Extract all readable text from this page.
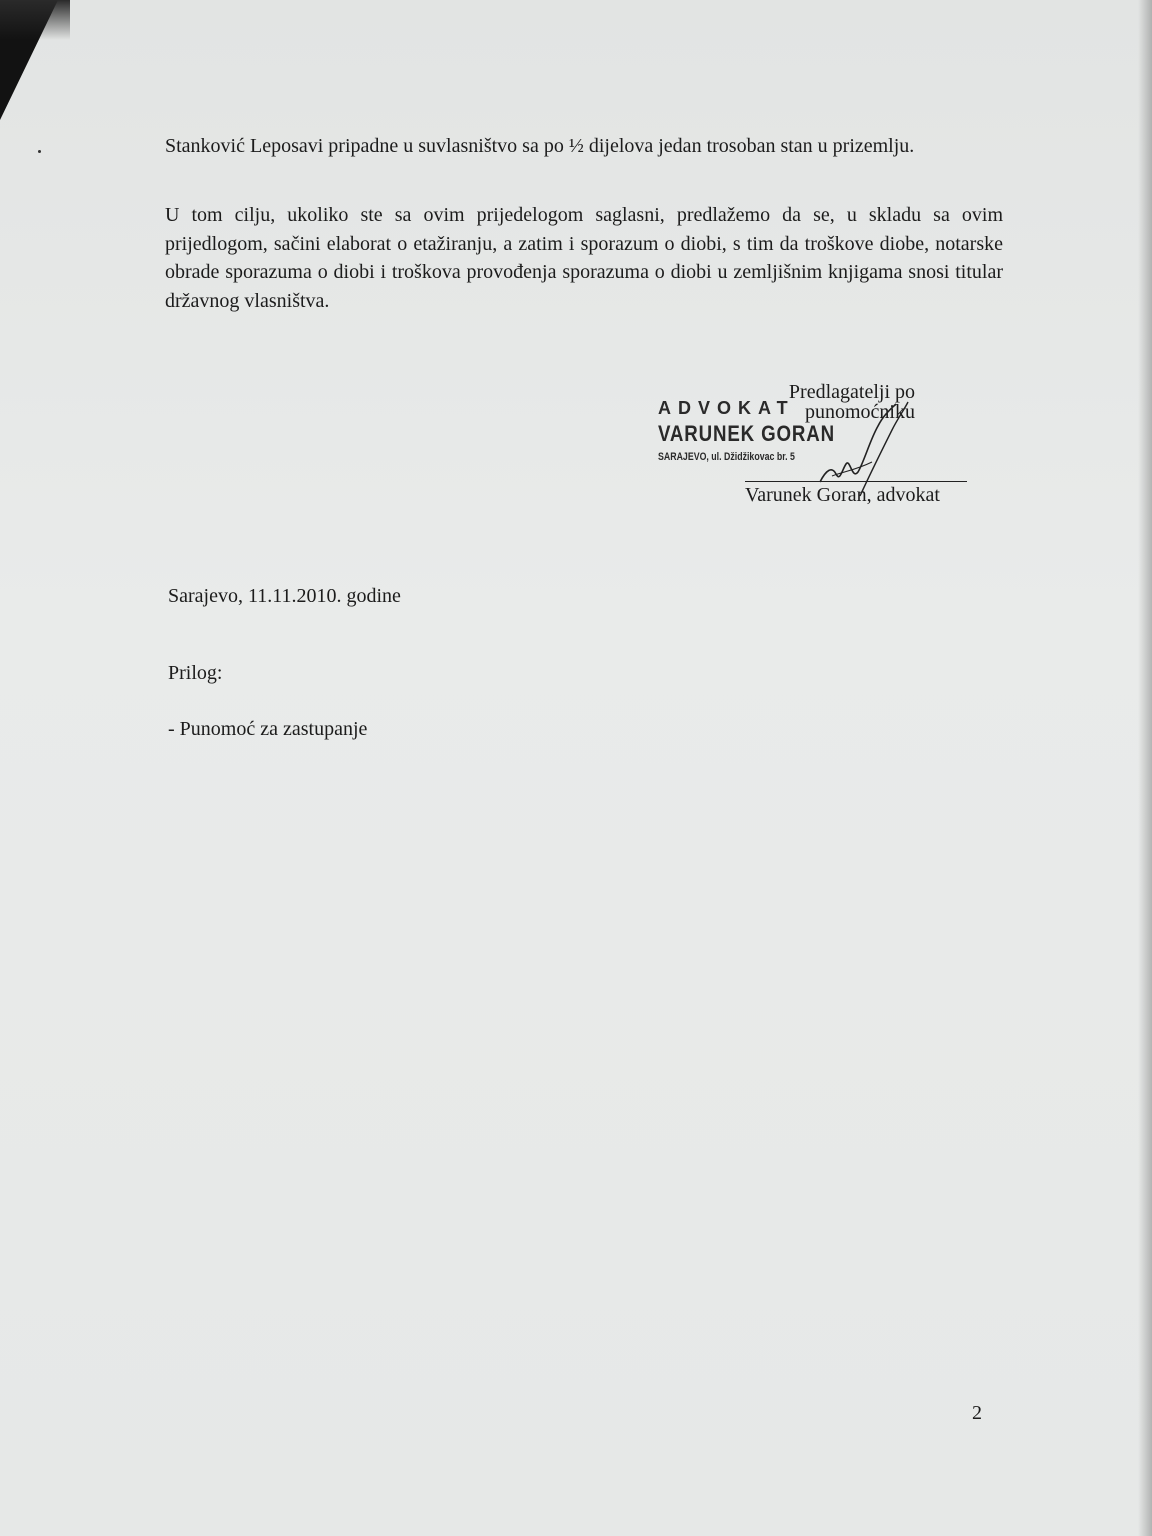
Stanković Leposavi pripadne u suvlasništvo sa po ½ dijelova jedan trosoban stan u prizemlju.
U tom cilju, ukoliko ste sa ovim prijedelogom saglasni, predlažemo da se, u skladu sa ovim prijedlogom, sačini elaborat o etažiranju, a zatim i sporazum o diobi, s tim da troškove diobe, notarske obrade sporazuma o diobi i troškova provođenja sporazuma o diobi u zemljišnim knjigama snosi titular državnog vlasništva.
Predlagatelji po
punomoćniku
ADVOKAT
VARUNEK GORAN
SARAJEVO, ul. Džidžikovac br. 5
Varunek Goran, advokat
Sarajevo, 11.11.2010. godine
Prilog:
- Punomoć za zastupanje
2
